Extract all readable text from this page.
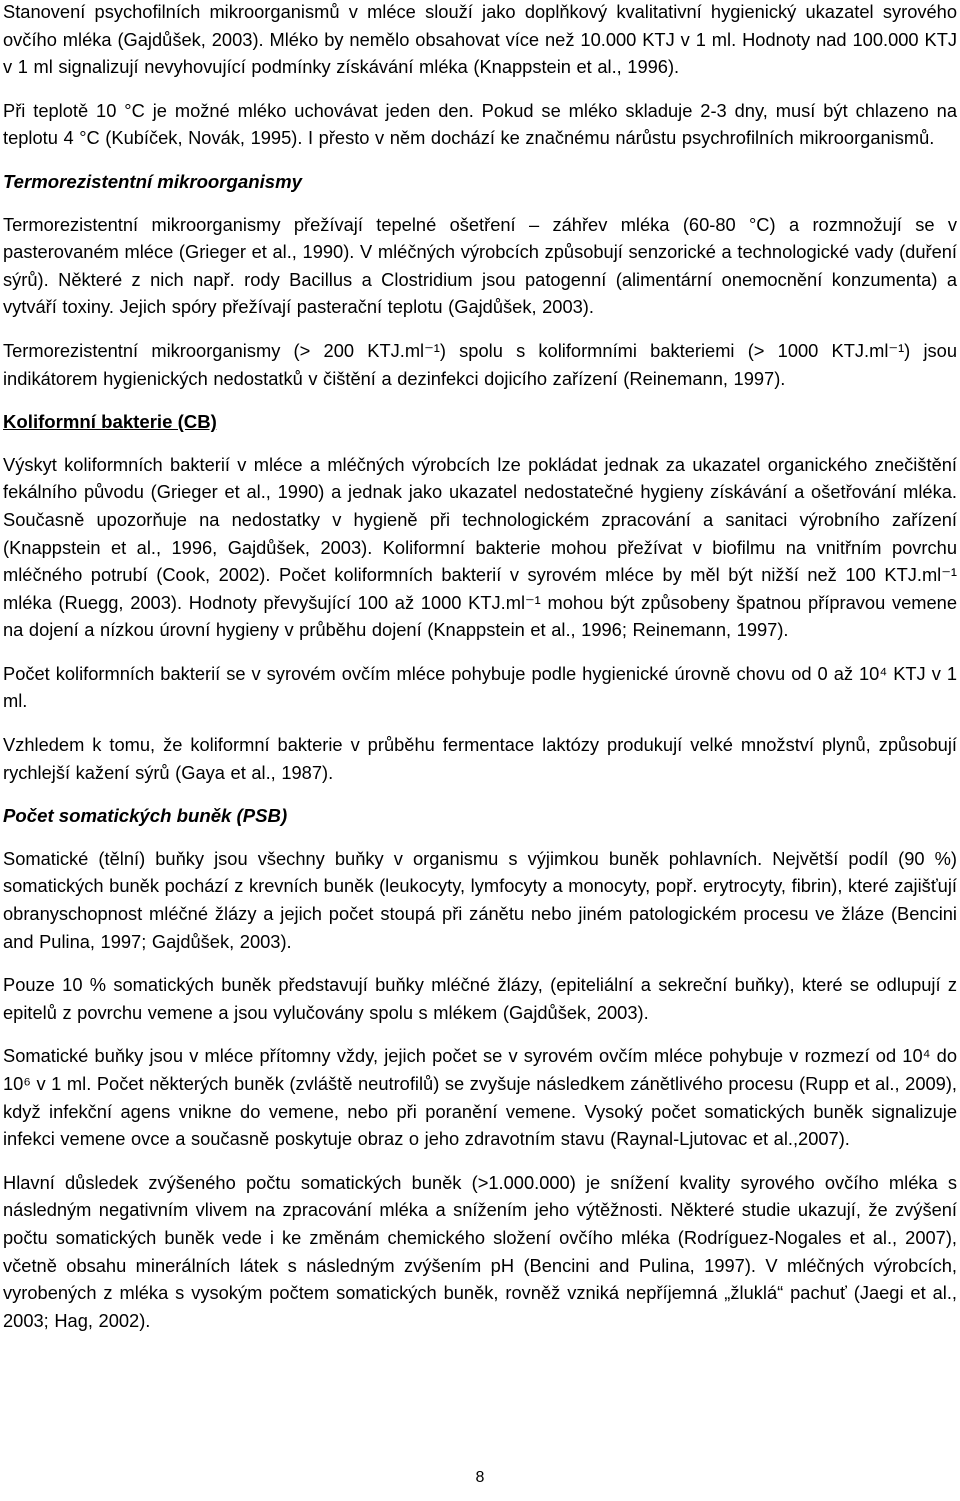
Stanovení psychofilních mikroorganismů v mléce slouží jako doplňkový kvalitativní hygienický ukazatel syrového ovčího mléka (Gajdůšek, 2003). Mléko by nemělo obsahovat více než 10.000 KTJ v 1 ml. Hodnoty nad 100.000 KTJ v 1 ml signalizují nevyhovující podmínky získávání mléka (Knappstein et al., 1996).

Při teplotě 10 °C je možné mléko uchovávat jeden den. Pokud se mléko skladuje 2-3 dny, musí být chlazeno na teplotu 4 °C (Kubíček, Novák, 1995). I přesto v něm dochází ke značnému nárůstu psychrofilních mikroorganismů.

Termorezistentní mikroorganismy

Termorezistentní mikroorganismy přežívají tepelné ošetření – záhřev mléka (60-80 °C) a rozmnožují se v pasterovaném mléce (Grieger et al., 1990). V mléčných výrobcích způsobují senzorické a technologické vady (duření sýrů). Některé z nich např. rody Bacillus a Clostridium jsou patogenní (alimentární onemocnění konzumenta) a vytváří toxiny. Jejich spóry přežívají pasterační teplotu (Gajdůšek, 2003).

Termorezistentní mikroorganismy (> 200 KTJ.ml⁻¹) spolu s koliformními bakteriemi (> 1000 KTJ.ml⁻¹) jsou indikátorem hygienických nedostatků v čištění a dezinfekci dojicího zařízení (Reinemann, 1997).

Koliformní bakterie (CB)

Výskyt koliformních bakterií v mléce a mléčných výrobcích lze pokládat jednak za ukazatel organického znečištění fekálního původu (Grieger et al., 1990) a jednak jako ukazatel nedostatečné hygieny získávání a ošetřování mléka. Současně upozorňuje na nedostatky v hygieně při technologickém zpracování a sanitaci výrobního zařízení (Knappstein et al., 1996, Gajdůšek, 2003). Koliformní bakterie mohou přežívat v biofilmu na vnitřním povrchu mléčného potrubí (Cook, 2002). Počet koliformních bakterií v syrovém mléce by měl být nižší než 100 KTJ.ml⁻¹ mléka (Ruegg, 2003). Hodnoty převyšující 100 až 1000 KTJ.ml⁻¹ mohou být způsobeny špatnou přípravou vemene na dojení a nízkou úrovní hygieny v průběhu dojení (Knappstein et al., 1996; Reinemann, 1997).

Počet koliformních bakterií se v syrovém ovčím mléce pohybuje podle hygienické úrovně chovu od 0 až 10⁴ KTJ v 1 ml.

Vzhledem k tomu, že koliformní bakterie v průběhu fermentace laktózy produkují velké množství plynů, způsobují rychlejší kažení sýrů (Gaya et al., 1987).

Počet somatických buněk (PSB)

Somatické (tělní) buňky jsou všechny buňky v organismu s výjimkou buněk pohlavních. Největší podíl (90 %) somatických buněk pochází z krevních buněk (leukocyty, lymfocyty a monocyty, popř. erytrocyty, fibrin), které zajišťují obranyschopnost mléčné žlázy a jejich počet stoupá při zánětu nebo jiném patologickém procesu ve žláze (Bencini and Pulina, 1997; Gajdůšek, 2003).

Pouze 10 % somatických buněk představují buňky mléčné žlázy, (epiteliální a sekreční buňky), které se odlupují z epitelů z povrchu vemene a jsou vylučovány spolu s mlékem (Gajdůšek, 2003).

Somatické buňky jsou v mléce přítomny vždy, jejich počet se v syrovém ovčím mléce pohybuje v rozmezí od 10⁴ do 10⁶ v 1 ml. Počet některých buněk (zvláště neutrofilů) se zvyšuje následkem zánětlivého procesu (Rupp et al., 2009), když infekční agens vnikne do vemene, nebo při poranění vemene. Vysoký počet somatických buněk signalizuje infekci vemene ovce a současně poskytuje obraz o jeho zdravotním stavu (Raynal-Ljutovac et al.,2007).

Hlavní důsledek zvýšeného počtu somatických buněk (>1.000.000) je snížení kvality syrového ovčího mléka s následným negativním vlivem na zpracování mléka a snížením jeho výtěžnosti. Některé studie ukazují, že zvýšení počtu somatických buněk vede i ke změnám chemického složení ovčího mléka (Rodríguez-Nogales et al., 2007), včetně obsahu minerálních látek s následným zvýšením pH (Bencini and Pulina, 1997). V mléčných výrobcích, vyrobených z mléka s vysokým počtem somatických buněk, rovněž vzniká nepříjemná „žluklá“ pachuť (Jaegi et al., 2003; Hag, 2002).

8
